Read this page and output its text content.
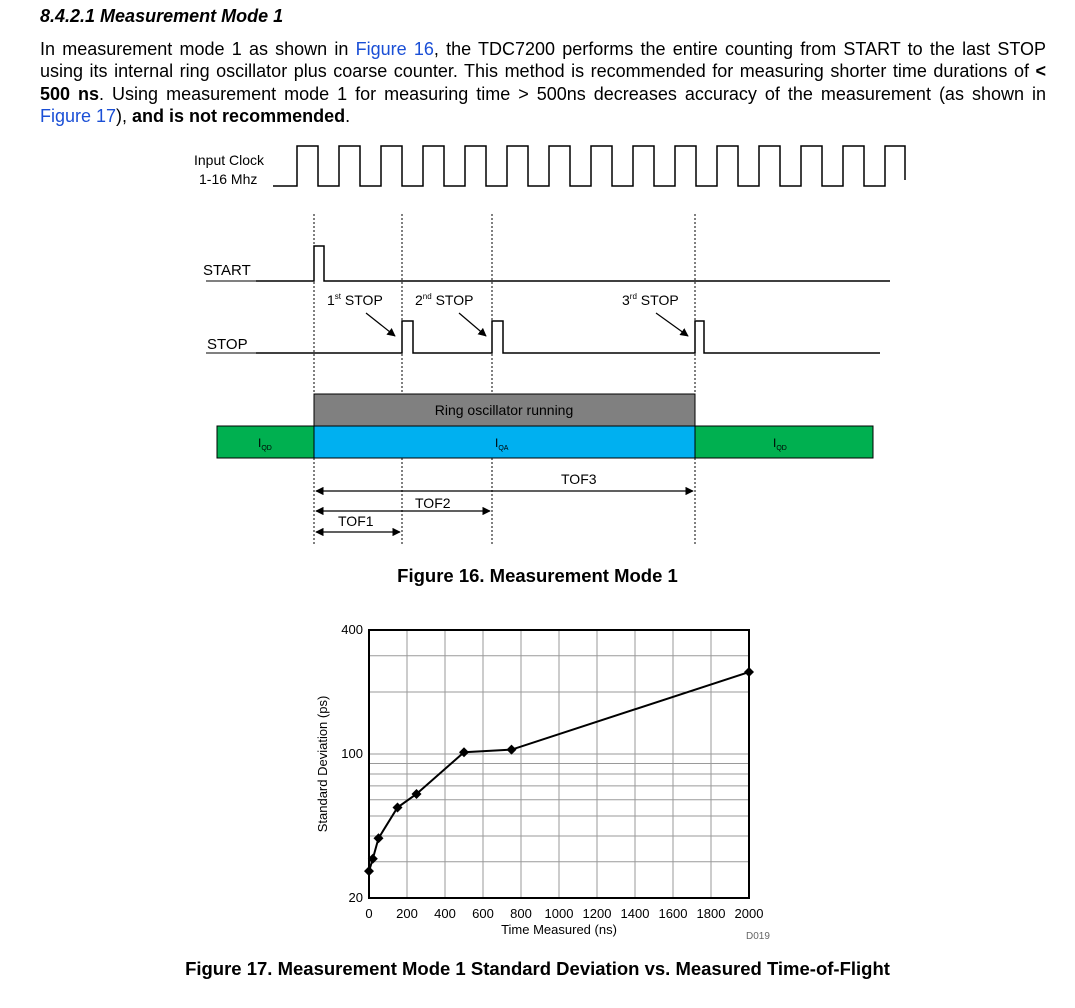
8.4.2.1 Measurement Mode 1
In measurement mode 1 as shown in Figure 16, the TDC7200 performs the entire counting from START to the last STOP using its internal ring oscillator plus coarse counter. This method is recommended for measuring shorter time durations of < 500 ns. Using measurement mode 1 for measuring time > 500ns decreases accuracy of the measurement (as shown in Figure 17), and is not recommended.
Input Clock
1-16 Mhz
START
1st STOP 2nd STOP	3rd STOP
STOP
Ring oscillator running
$I_{QD}$	$I_{QA}$	$I_{QD}$
TOF3
TOF2
TOF1
Figure 16. Measurement Mode 1
0 200 400 600 800 1000 1200 1400 1600 1800 2000
20
100
400
Time Measured (ns)
Standard Deviation (ps)
D019
Figure 17. Measurement Mode 1 Standard Deviation vs. Measured Time-of-Flight
